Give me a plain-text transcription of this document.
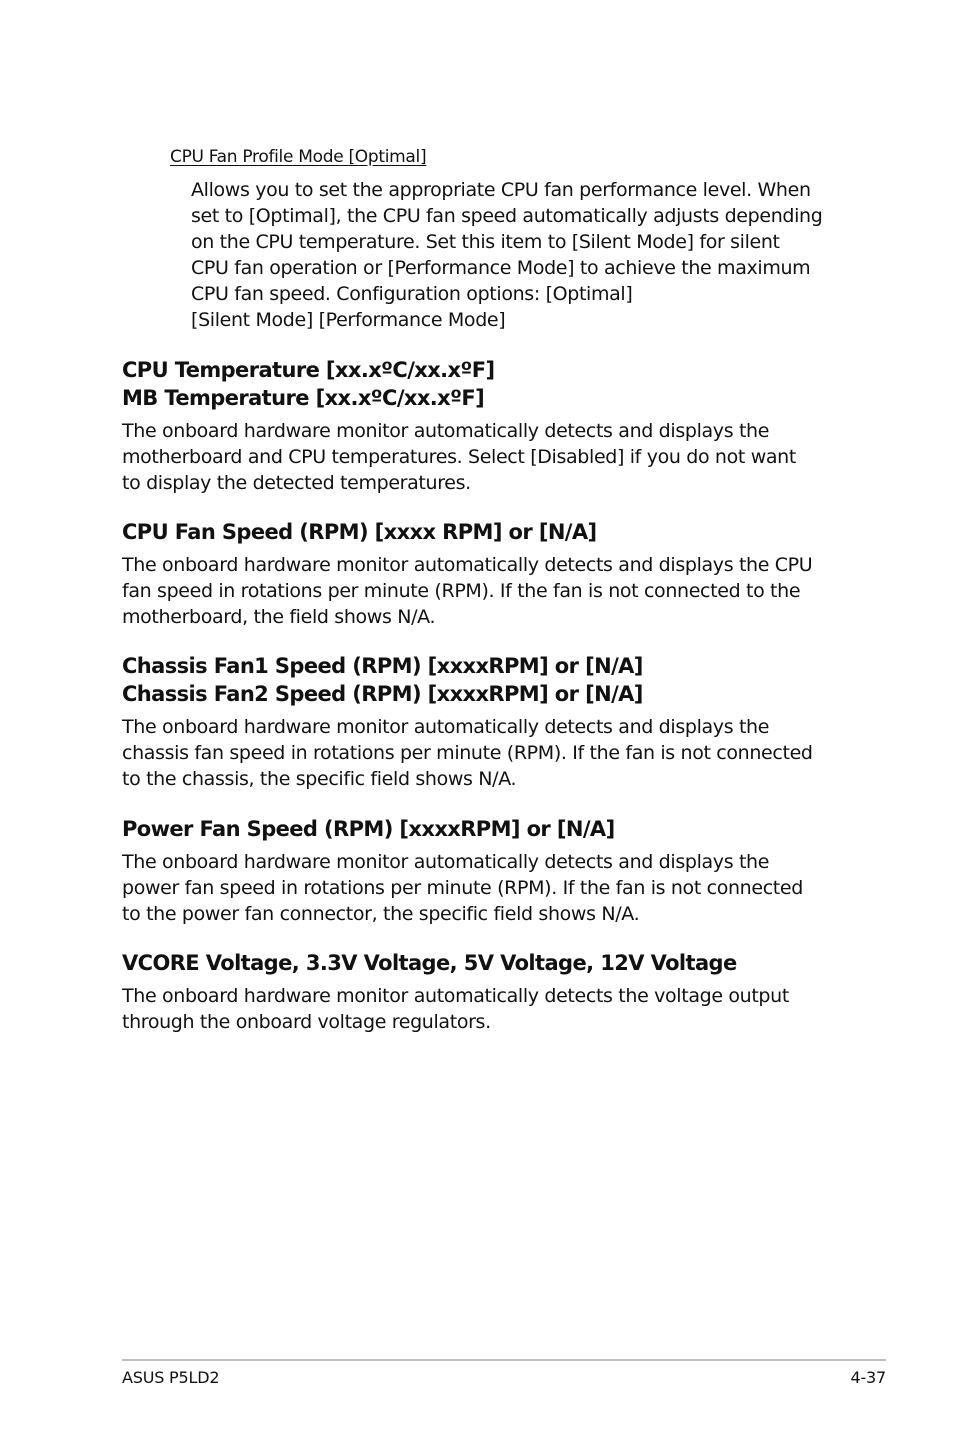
CPU Fan Profile Mode [Optimal]
Allows you to set the appropriate CPU fan performance level. When
set to [Optimal], the CPU fan speed automatically adjusts depending
on the CPU temperature. Set this item to [Silent Mode] for silent
CPU fan operation or [Performance Mode] to achieve the maximum
CPU fan speed. Configuration options: [Optimal]
[Silent Mode] [Performance Mode]
CPU Temperature [xx.xºC/xx.xºF]
MB Temperature [xx.xºC/xx.xºF]
The onboard hardware monitor automatically detects and displays the
motherboard and CPU temperatures. Select [Disabled] if you do not want
to display the detected temperatures.
CPU Fan Speed (RPM) [xxxx RPM] or [N/A]
The onboard hardware monitor automatically detects and displays the CPU
fan speed in rotations per minute (RPM). If the fan is not connected to the
motherboard, the field shows N/A.
Chassis Fan1 Speed (RPM) [xxxxRPM] or [N/A]
Chassis Fan2 Speed (RPM) [xxxxRPM] or [N/A]
The onboard hardware monitor automatically detects and displays the
chassis fan speed in rotations per minute (RPM). If the fan is not connected
to the chassis, the specific field shows N/A.
Power Fan Speed (RPM) [xxxxRPM] or [N/A]
The onboard hardware monitor automatically detects and displays the
power fan speed in rotations per minute (RPM). If the fan is not connected
to the power fan connector, the specific field shows N/A.
VCORE Voltage, 3.3V Voltage, 5V Voltage, 12V Voltage
The onboard hardware monitor automatically detects the voltage output
through the onboard voltage regulators.
ASUS P5LD2	4-37
